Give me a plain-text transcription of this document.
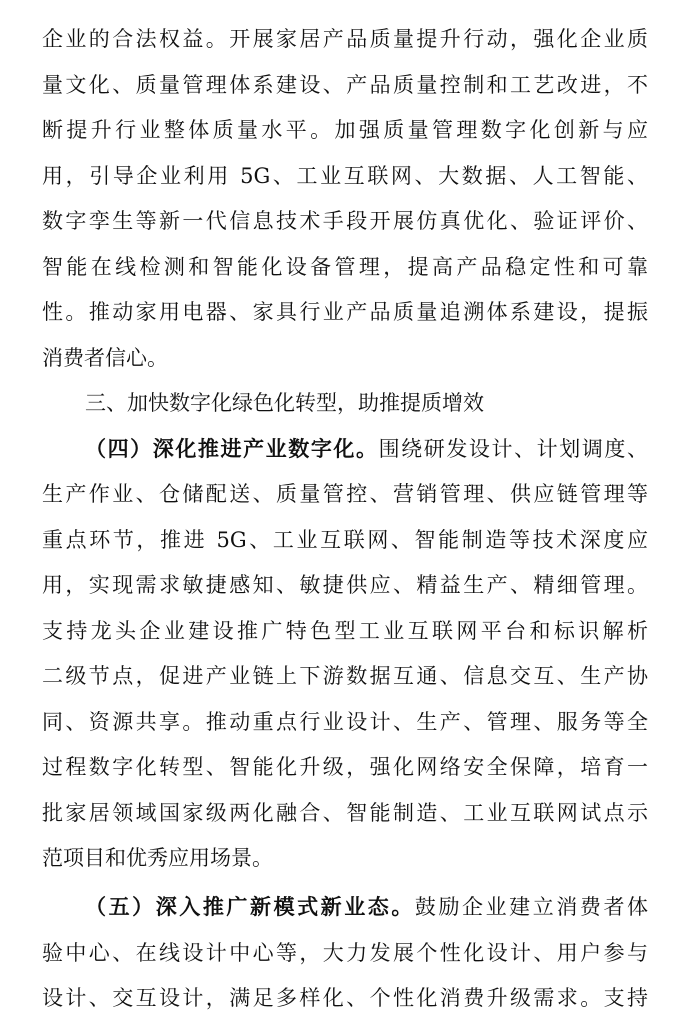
企业的合法权益。开展家居产品质量提升行动，强化企业质
量文化、质量管理体系建设、产品质量控制和工艺改进，不
断提升行业整体质量水平。加强质量管理数字化创新与应
用，引导企业利用 5G、工业互联网、大数据、人工智能、
数字孪生等新一代信息技术手段开展仿真优化、验证评价、
智能在线检测和智能化设备管理，提高产品稳定性和可靠
性。推动家用电器、家具行业产品质量追溯体系建设，提振
消费者信心。
三、加快数字化绿色化转型，助推提质增效
（四）深化推进产业数字化。围绕研发设计、计划调度、
生产作业、仓储配送、质量管控、营销管理、供应链管理等
重点环节，推进 5G、工业互联网、智能制造等技术深度应
用，实现需求敏捷感知、敏捷供应、精益生产、精细管理。
支持龙头企业建设推广特色型工业互联网平台和标识解析
二级节点，促进产业链上下游数据互通、信息交互、生产协
同、资源共享。推动重点行业设计、生产、管理、服务等全
过程数字化转型、智能化升级，强化网络安全保障，培育一
批家居领域国家级两化融合、智能制造、工业互联网试点示
范项目和优秀应用场景。
（五）深入推广新模式新业态。鼓励企业建立消费者体
验中心、在线设计中心等，大力发展个性化设计、用户参与
设计、交互设计，满足多样化、个性化消费升级需求。支持
